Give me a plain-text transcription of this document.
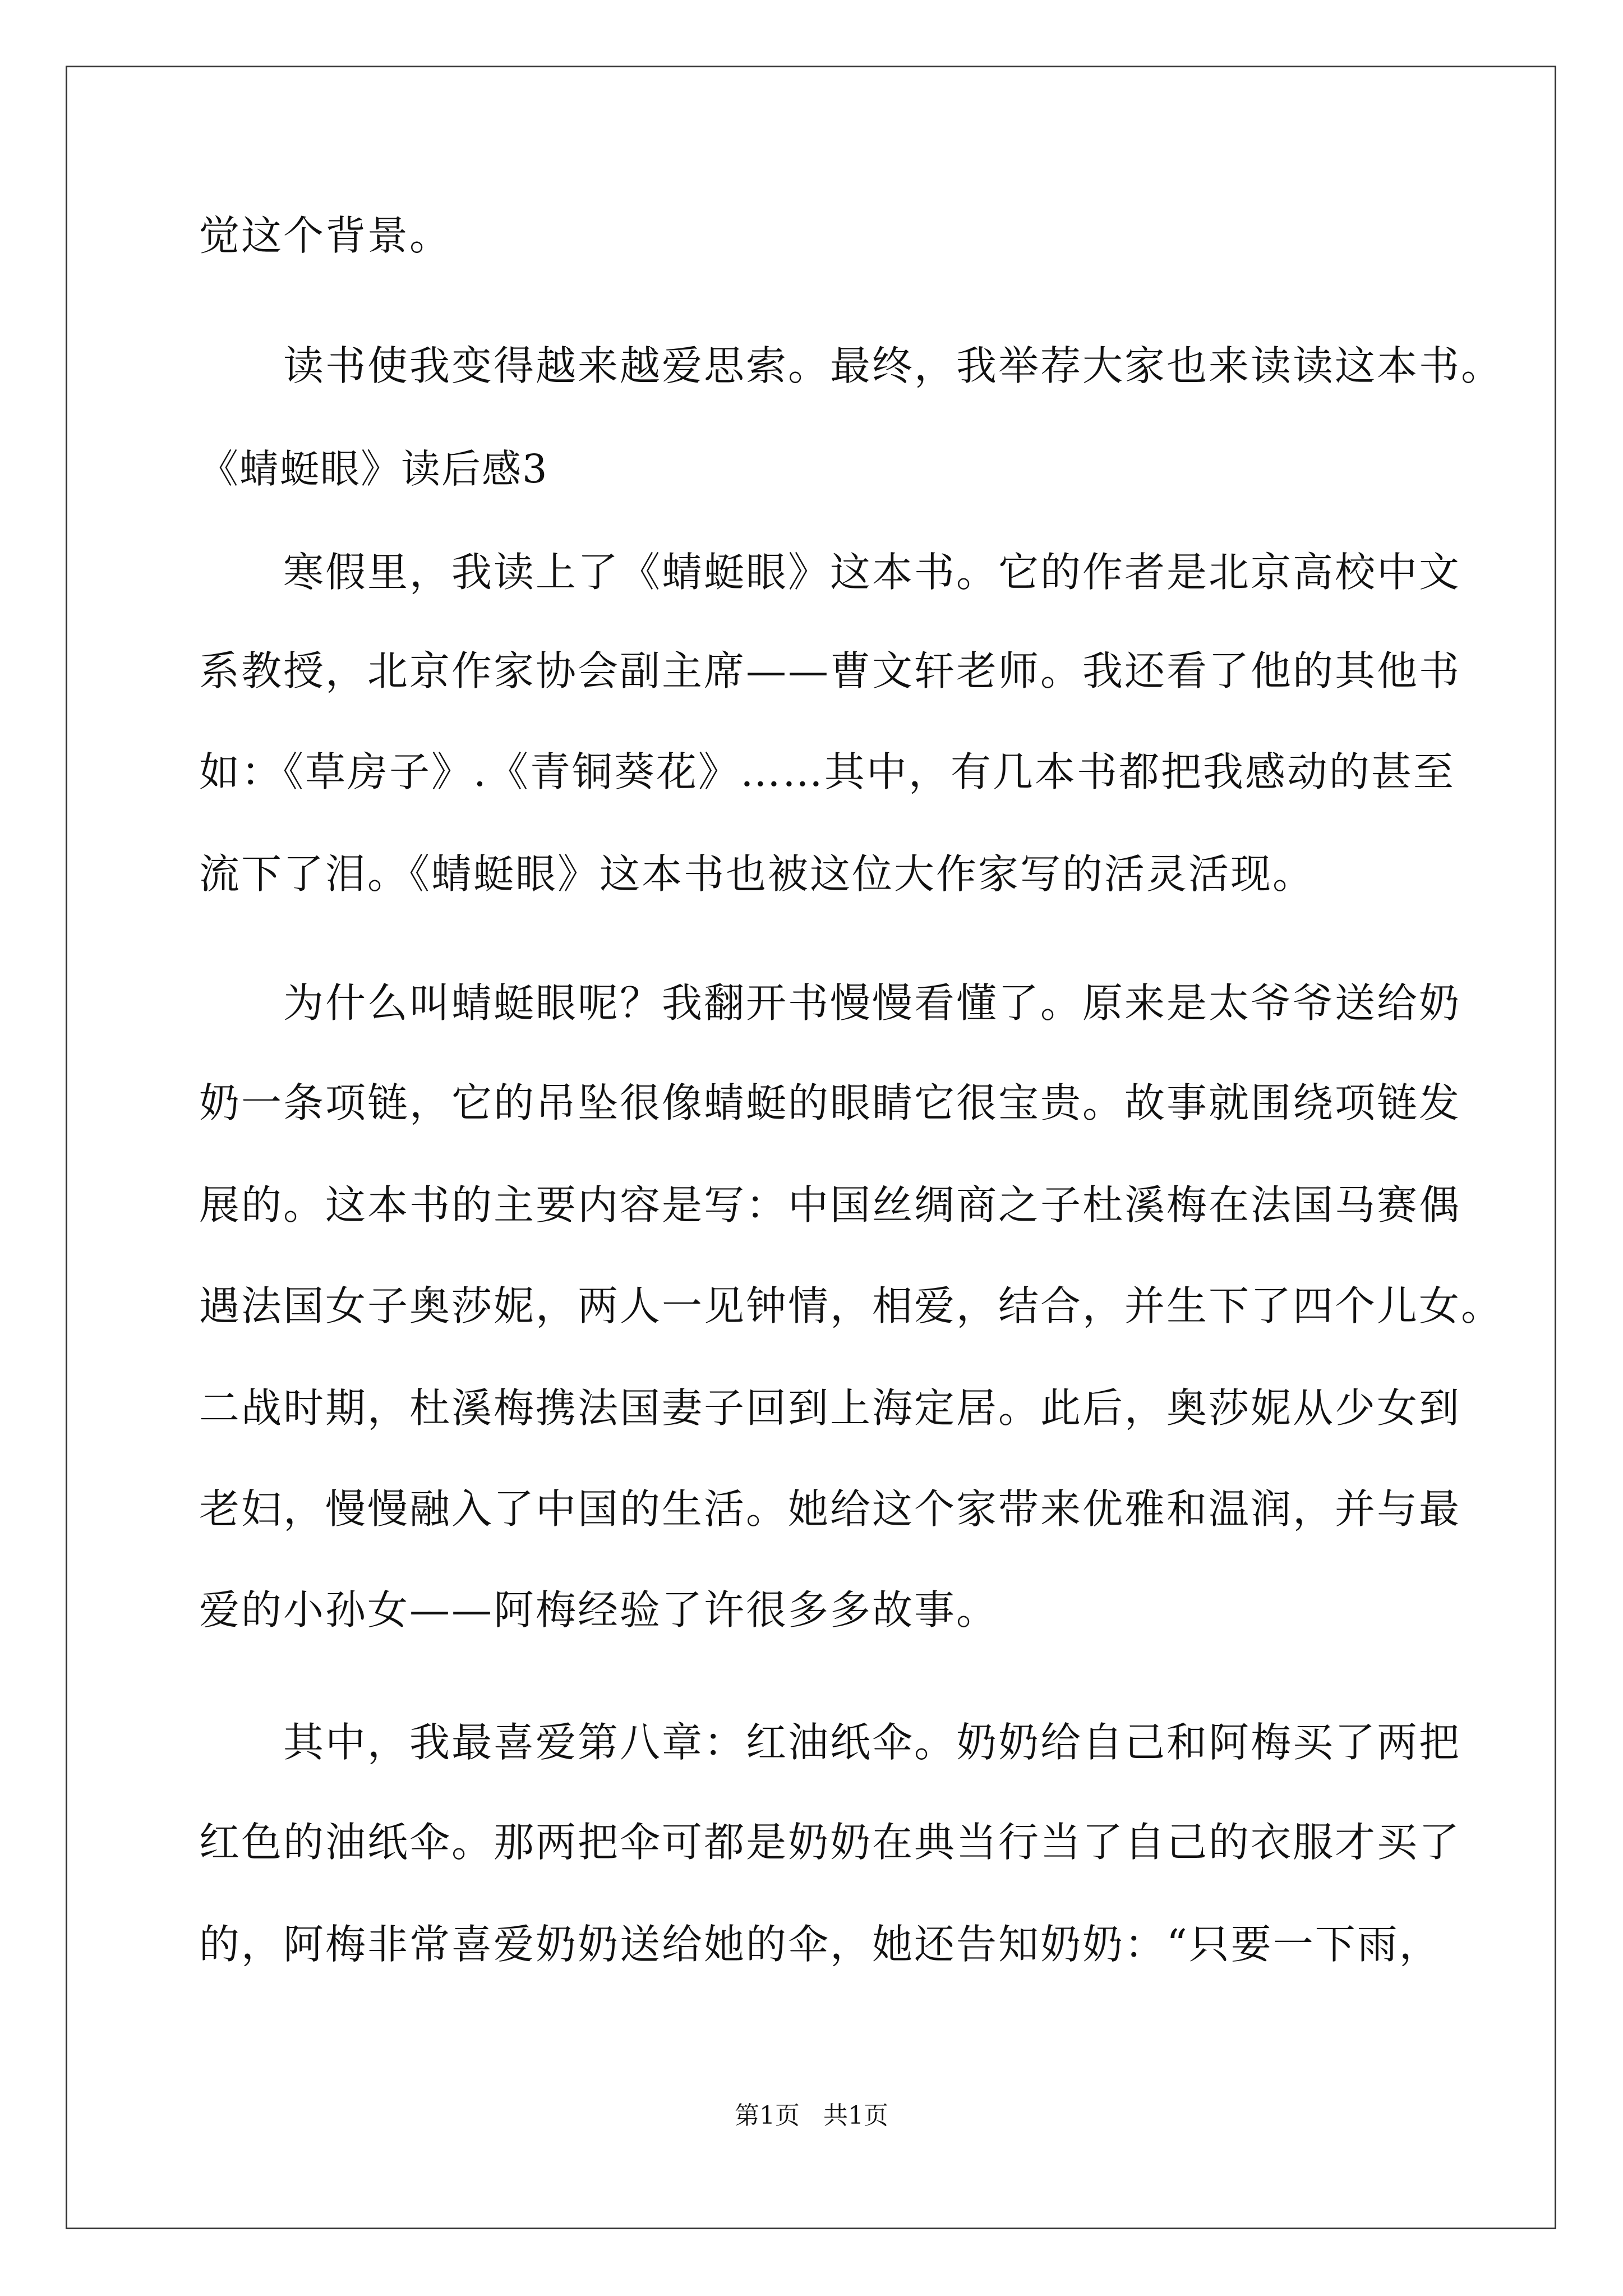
觉这个背景。
读书使我变得越来越爱思索。最终，我举荐大家也来读读这本书。
《蜻蜓眼》读后感3
寒假里，我读上了《蜻蜓眼》这本书。它的作者是北京高校中文
系教授，北京作家协会副主席——曹文轩老师。我还看了他的其他书
如：《草房子》.《青铜葵花》……其中，有几本书都把我感动的甚至
流下了泪。《蜻蜓眼》这本书也被这位大作家写的活灵活现。
为什么叫蜻蜓眼呢？我翻开书慢慢看懂了。原来是太爷爷送给奶
奶一条项链，它的吊坠很像蜻蜓的眼睛它很宝贵。故事就围绕项链发
展的。这本书的主要内容是写：中国丝绸商之子杜溪梅在法国马赛偶
遇法国女子奥莎妮，两人一见钟情，相爱，结合，并生下了四个儿女。
二战时期，杜溪梅携法国妻子回到上海定居。此后，奥莎妮从少女到
老妇，慢慢融入了中国的生活。她给这个家带来优雅和温润，并与最
爱的小孙女——阿梅经验了许很多多故事。
其中，我最喜爱第八章：红油纸伞。奶奶给自己和阿梅买了两把
红色的油纸伞。那两把伞可都是奶奶在典当行当了自己的衣服才买了
的，阿梅非常喜爱奶奶送给她的伞，她还告知奶奶：“只要一下雨，
第1页   共1页
